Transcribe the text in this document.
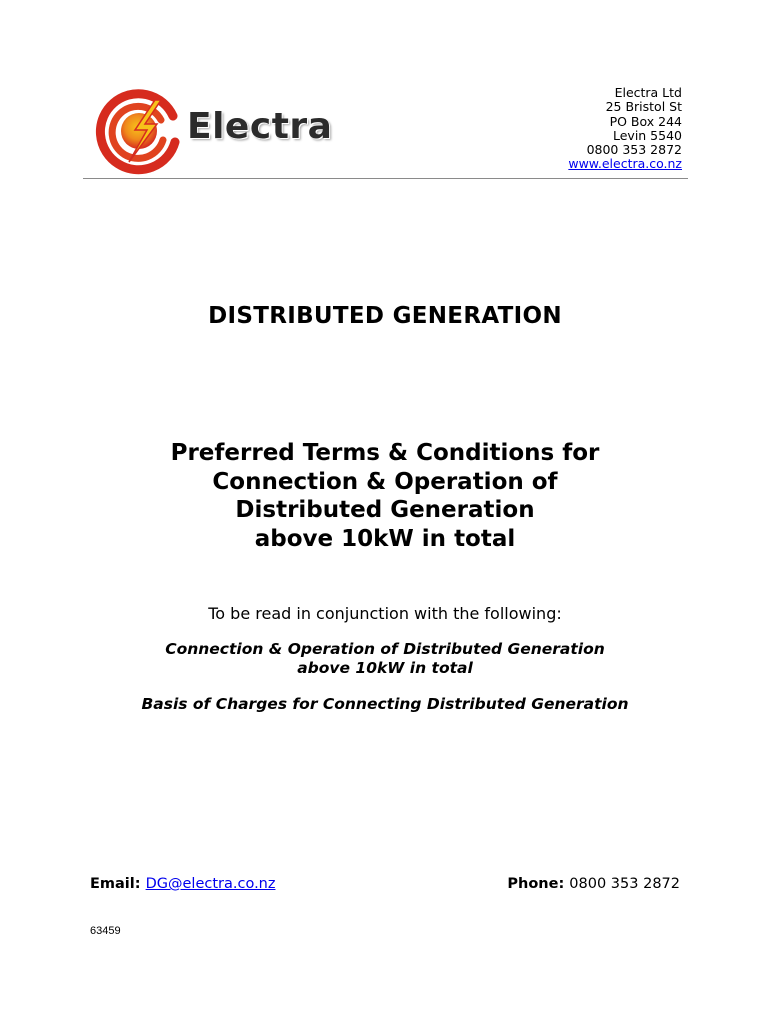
Electra
Electra Ltd
25 Bristol St
PO Box 244
Levin 5540
0800 353 2872
www.electra.co.nz
DISTRIBUTED GENERATION
Preferred Terms & Conditions for
Connection & Operation of
Distributed Generation
above 10kW in total
To be read in conjunction with the following:
Connection & Operation of Distributed Generation
above 10kW in total
Basis of Charges for Connecting Distributed Generation
Email: DG@electra.co.nz	Phone: 0800 353 2872
63459
